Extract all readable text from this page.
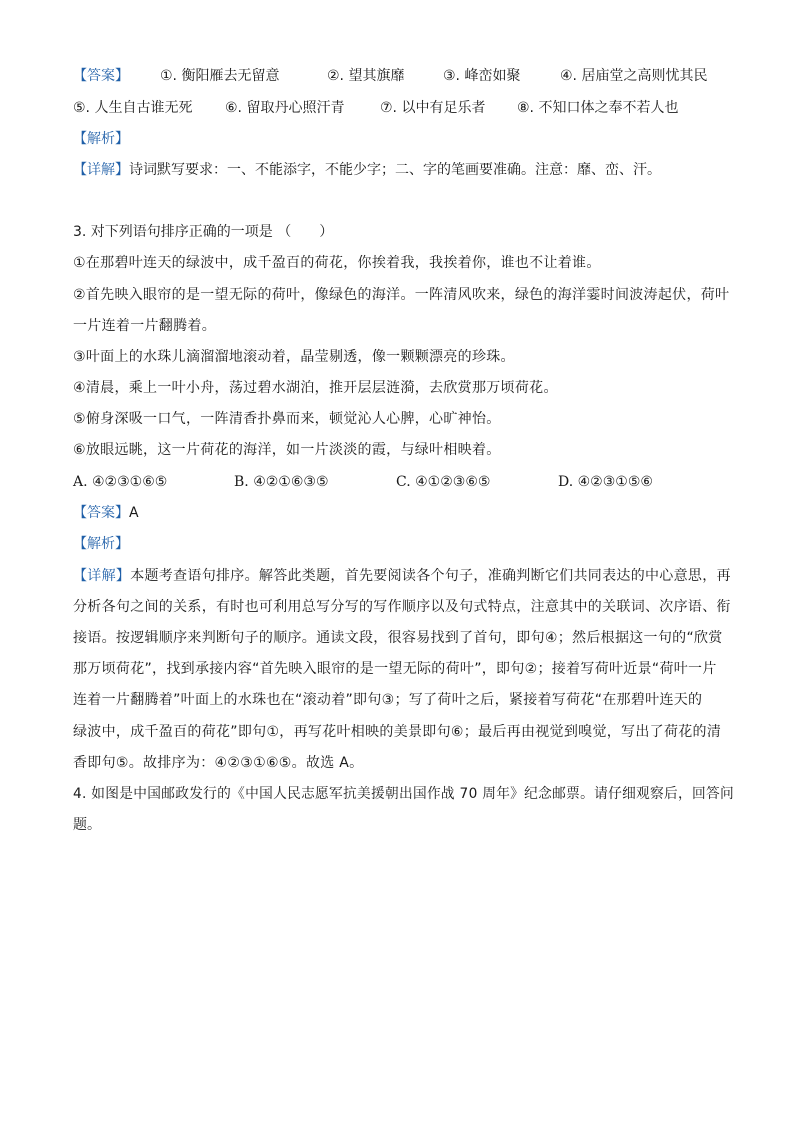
【答案】 ①. 衡阳雁去无留意	②. 望其旗靡	③. 峰峦如聚	④. 居庙堂之高则忧其民
⑤. 人生自古谁无死 ⑥. 留取丹心照汗青	⑦. 以中有足乐者 ⑧. 不知口体之奉不若人也
【解析】
【详解】诗词默写要求：一、不能添字，不能少字；二、字的笔画要准确。注意：靡、峦、汗。
3. 对下列语句排序正确的一项是 （　　）
①在那碧叶连天的绿波中，成千盈百的荷花，你挨着我，我挨着你，谁也不让着谁。
②首先映入眼帘的是一望无际的荷叶，像绿色的海洋。一阵清风吹来，绿色的海洋霎时间波涛起伏，荷叶
一片连着一片翻腾着。
③叶面上的水珠儿滴溜溜地滚动着，晶莹剔透，像一颗颗漂亮的珍珠。
④清晨，乘上一叶小舟，荡过碧水湖泊，推开层层涟漪，去欣赏那万顷荷花。
⑤俯身深吸一口气，一阵清香扑鼻而来，顿觉沁人心脾，心旷神怡。
⑥放眼远眺，这一片荷花的海洋，如一片淡淡的霞，与绿叶相映着。
A. ④②③①⑥⑤	B. ④②①⑥③⑤	C. ④①②③⑥⑤	D. ④②③①⑤⑥
【答案】A
【解析】
【详解】本题考查语句排序。解答此类题，首先要阅读各个句子，准确判断它们共同表达的中心意思，再
分析各句之间的关系，有时也可利用总写分写的写作顺序以及句式特点，注意其中的关联词、次序语、衔
接语。按逻辑顺序来判断句子的顺序。通读文段，很容易找到了首句，即句④；然后根据这一句的“欣赏
那万顷荷花”，找到承接内容“首先映入眼帘的是一望无际的荷叶”，即句②；接着写荷叶近景“荷叶一片
连着一片翻腾着”叶面上的水珠也在“滚动着”即句③；写了荷叶之后，紧接着写荷花“在那碧叶连天的
绿波中，成千盈百的荷花”即句①，再写花叶相映的美景即句⑥；最后再由视觉到嗅觉，写出了荷花的清
香即句⑤。故排序为：④②③①⑥⑤。故选 A。
4. 如图是中国邮政发行的《中国人民志愿军抗美援朝出国作战 70 周年》纪念邮票。请仔细观察后，回答问
题。
